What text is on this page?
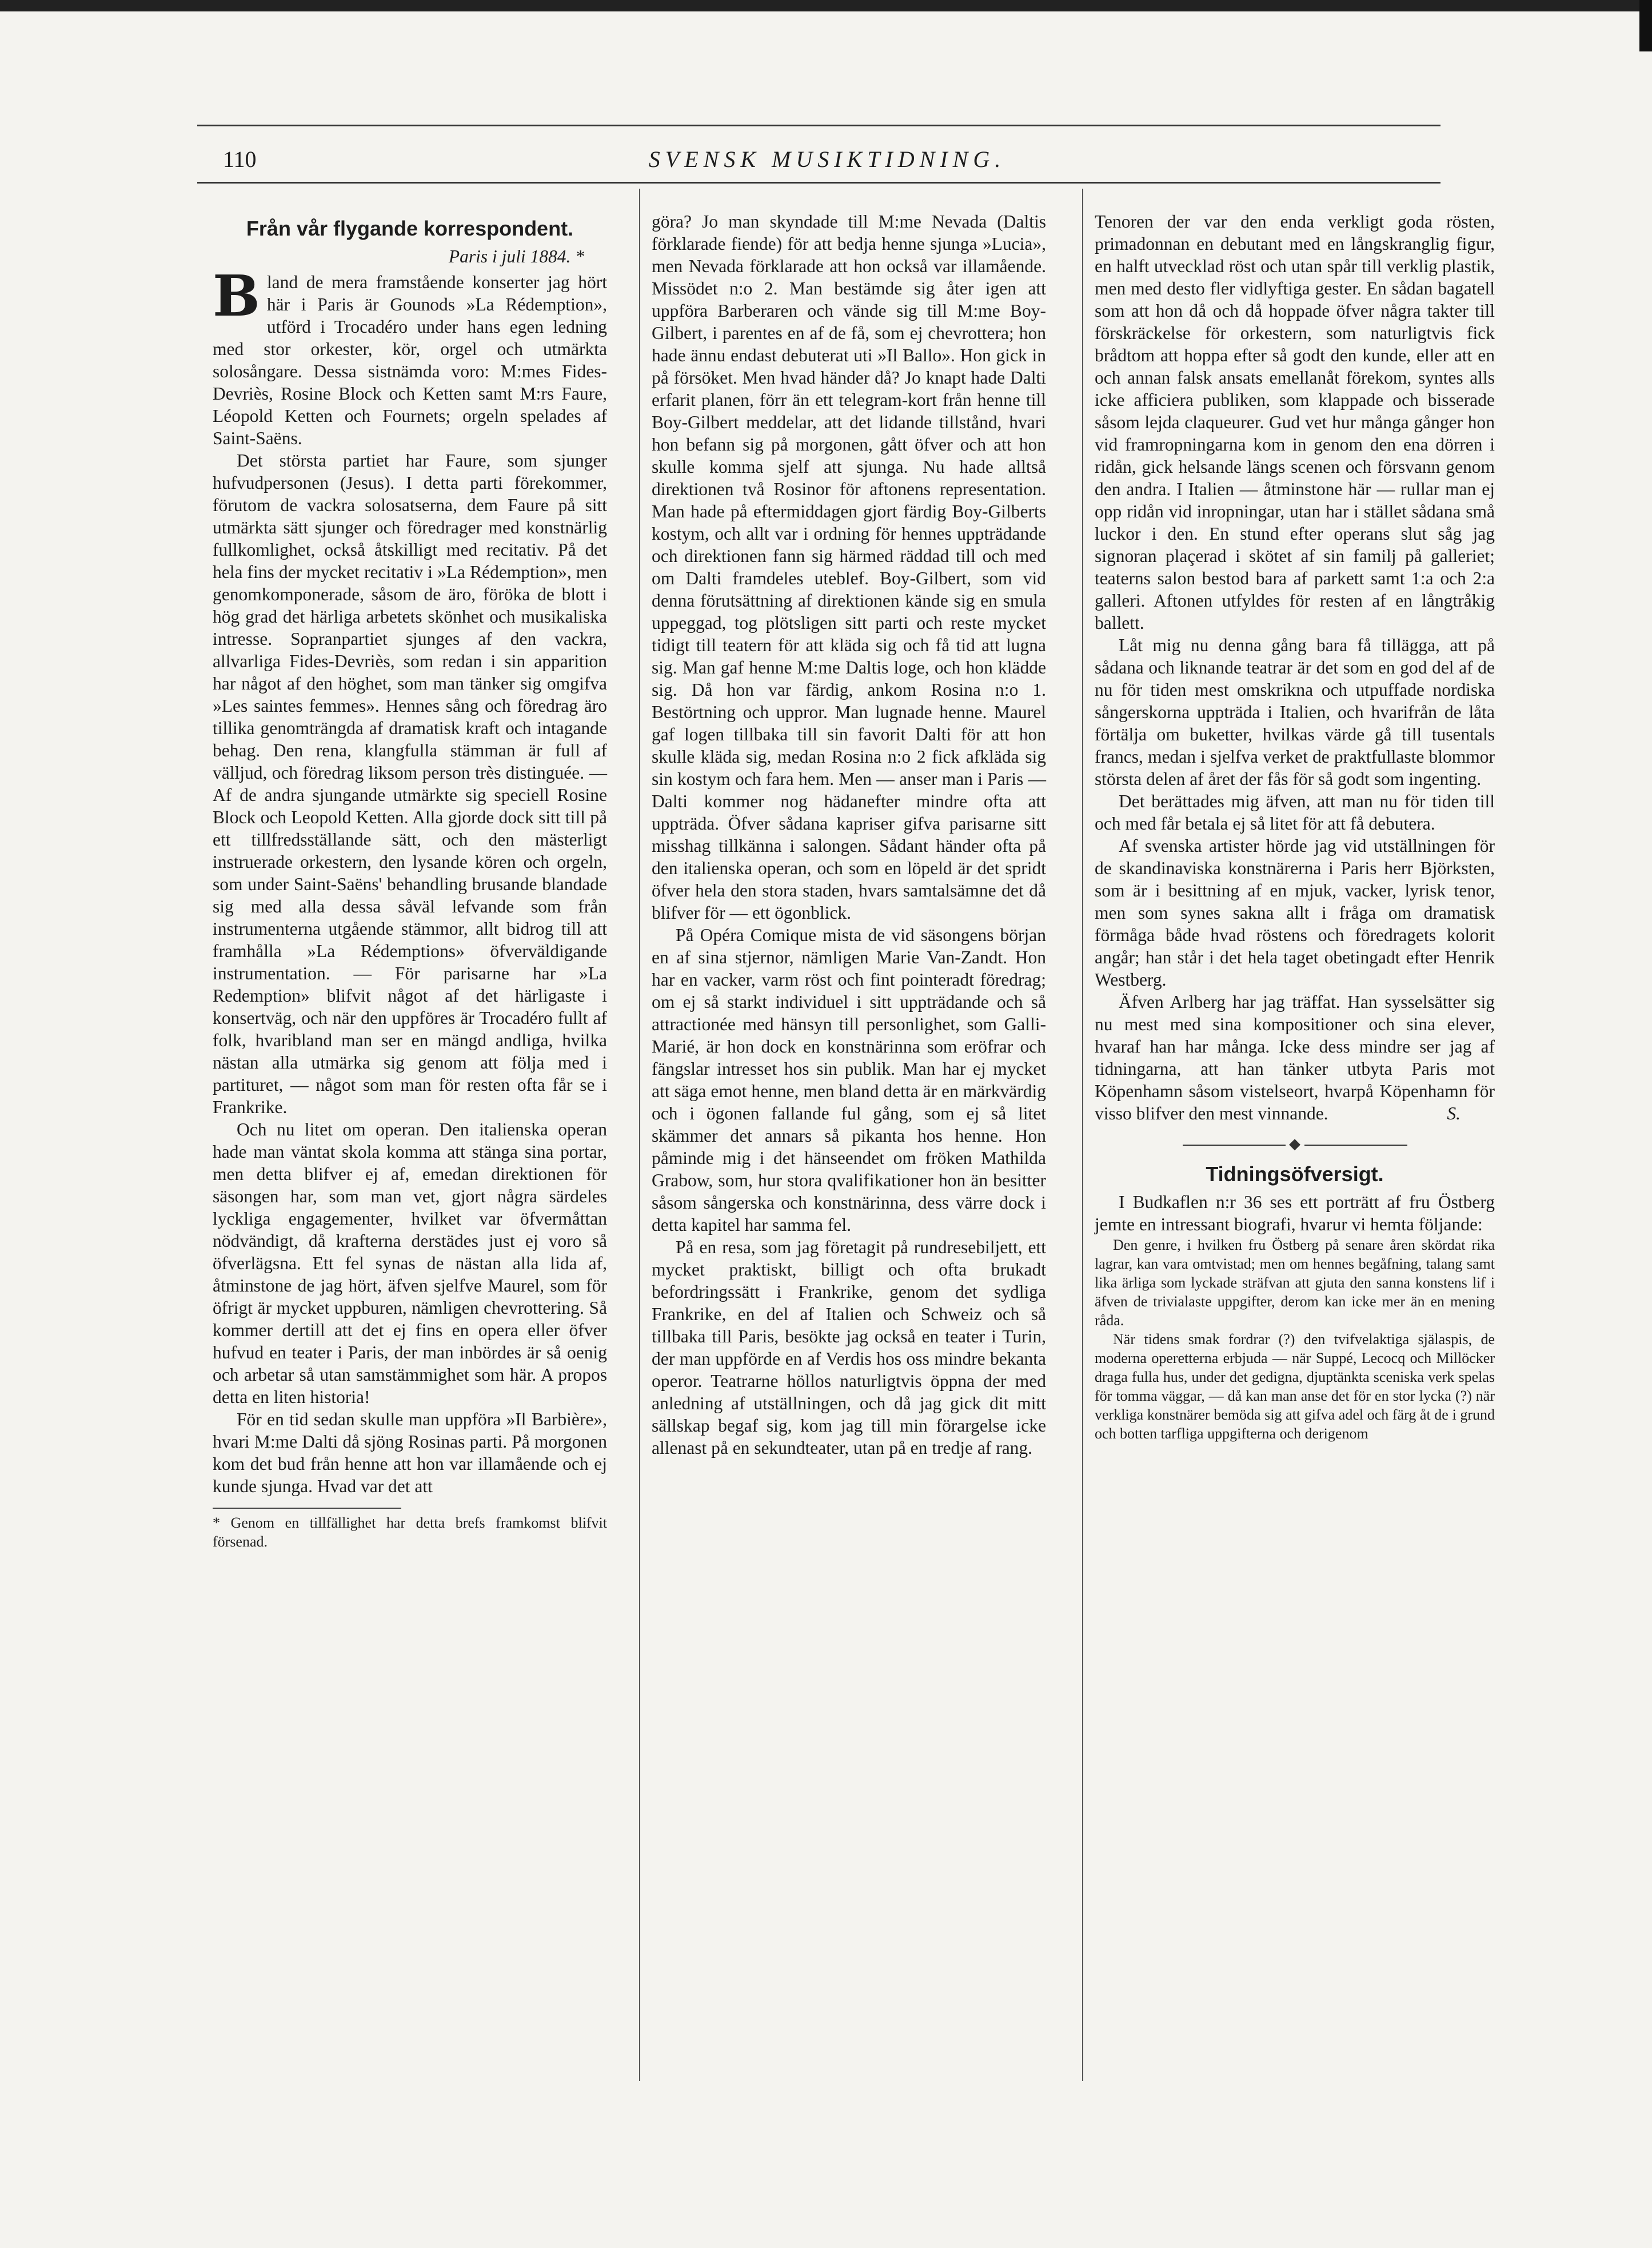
110	SVENSK MUSIKTIDNING.
Från vår flygande korrespondent.
Paris i juli 1884. *

Bland de mera framstående konserter jag hört här i Paris är Gounods »La Rédemption», utförd i Trocadéro under hans egen ledning med stor orkester, kör, orgel och utmärkta solosångare. Dessa sistnämda voro: M:mes Fides-Devriès, Rosine Block och Ketten samt M:rs Faure, Léopold Ketten och Fournets; orgeln spelades af Saint-Saëns.

Det största partiet har Faure, som sjunger hufvudpersonen (Jesus). I detta parti förekommer, förutom de vackra solosatserna, dem Faure på sitt utmärkta sätt sjunger och föredrager med konstnärlig fullkomlighet, också åtskilligt med recitativ. På det hela fins der mycket recitativ i »La Rédemption», men genomkomponerade, såsom de äro, förökа de blott i hög grad det härliga arbetets skönhet och musikaliska intresse. Sopranpartiet sjunges af den vackra, allvarliga Fides-Devriès, som redan i sin apparition har något af den höghet, som man tänker sig omgifva »Les saintes femmes». Hennes sång och föredrag äro tillika genomträngda af dramatisk kraft och intagande behag. Den rena, klangfulla stämman är full af välljud, och föredrag liksom person très distinguée. — Af de andra sjungande utmärkte sig speciell Rosine Block och Leopold Ketten. Alla gjorde dock sitt till på ett tillfredsställande sätt, och den mästerligt instruerade orkestern, den lysande kören och orgeln, som under Saint-Saëns' behandling brusande blandade sig med alla dessa såväl lefvande som från instrumenterna utgående stämmor, allt bidrog till att framhålla »La Rédemptions» öfverväldigande instrumentation. — För parisarne har »La Redemption» blifvit något af det härligaste i konsertväg, och när den uppföres är Trocadéro fullt af folk, hvaribland man ser en mängd andliga, hvilka nästan alla utmärka sig genom att följa med i partituret, — något som man för resten ofta får se i Frankrike.

Och nu litet om operan. Den italienska operan hade man väntat skola komma att stänga sina portar, men detta blifver ej af, emedan direktionen för säsongen har, som man vet, gjort några särdeles lyckliga engagementer, hvilket var öfvermåttan nödvändigt, då krafterna derstädes just ej voro så öfverlägsna. Ett fel synas de nästan alla lida af, åtminstone de jag hört, äfven sjelfve Maurel, som för öfrigt är mycket uppburen, nämligen chevrottering. Så kommer dertill att det ej fins en opera eller öfver hufvud en teater i Paris, der man inbördes är så oenig och arbetar så utan samstämmighet som här. A propos detta en liten historia!

För en tid sedan skulle man uppföra »Il Barbière», hvari M:me Dalti då sjöng Rosinas parti. På morgonen kom det bud från henne att hon var illamående och ej kunde sjunga. Hvad var det att

* Genom en tillfällighet har detta brefs framkomst blifvit försenad.

göra? Jo man skyndade till M:me Nevada (Daltis förklarade fiende) för att bedja henne sjunga »Lucia», men Nevada förklarade att hon också var illamående. Missödet n:o 2. Man bestämde sig åter igen att uppföra Barberaren och vände sig till M:me Boy-Gilbert, i parentes en af de få, som ej chevrottera; hon hade ännu endast debuterat uti »Il Ballo». Hon gick in på försöket. Men hvad händer då? Jo knapt hade Dalti erfarit planen, förr än ett telegram-kort från henne till Boy-Gilbert meddelar, att det lidande tillstånd, hvari hon befann sig på morgonen, gått öfver och att hon skulle komma sjelf att sjunga. Nu hade alltså direktionen två Rosinor för aftonens representation. Man hade på eftermiddagen gjort färdig Boy-Gilberts kostym, och allt var i ordning för hennes uppträdande och direktionen fann sig härmed räddad till och med om Dalti framdeles uteblef. Boy-Gilbert, som vid denna förutsättning af direktionen kände sig en smula uppeggad, tog plötsligen sitt parti och reste mycket tidigt till teatern för att kläda sig och få tid att lugna sig. Man gaf henne M:me Daltis loge, och hon klädde sig. Då hon var färdig, ankom Rosina n:o 1. Bestörtning och uppror. Man lugnade henne. Maurel gaf logen tillbaka till sin favorit Dalti för att hon skulle kläda sig, medan Rosina n:o 2 fick afkläda sig sin kostym och fara hem. Men — anser man i Paris — Dalti kommer nog hädanefter mindre ofta att uppträda. Öfver sådana kapriser gifva parisarne sitt misshag tillkänna i salongen. Sådant händer ofta på den italienska operan, och som en löpeld är det spridt öfver hela den stora staden, hvars samtalsämne det då blifver för — ett ögonblick.

På Opéra Comique mista de vid säsongens början en af sina stjernor, nämligen Marie Van-Zandt. Hon har en vacker, varm röst och fint pointeradt föredrag; om ej så starkt individuel i sitt uppträdande och så attractionée med hänsyn till personlighet, som Galli-Marié, är hon dock en konstnärinna som eröfrar och fängslar intresset hos sin publik. Man har ej mycket att säga emot henne, men bland detta är en märkvärdig och i ögonen fallande ful gång, som ej så litet skämmer det annars så pikanta hos henne. Hon påminde mig i det hänseendet om fröken Mathilda Grabow, som, hur stora qvalifikationer hon än besitter såsom sångerska och konstnärinna, dess värre dock i detta kapitel har samma fel.

På en resa, som jag företagit på rundresebiljett, ett mycket praktiskt, billigt och ofta brukadt befordringssätt i Frankrike, genom det sydliga Frankrike, en del af Italien och Schweiz och så tillbaka till Paris, besökte jag också en teater i Turin, der man uppförde en af Verdis hos oss mindre bekanta operor. Teatrarne höllos naturligtvis öppna der med anledning af utställningen, och då jag gick dit mitt sällskap begaf sig, kom jag till min förargelse icke allenast på en sekundteater, utan på en tredje af rang.

Tenoren der var den enda verkligt goda rösten, primadonnan en debutant med en långskranglig figur, en halft utvecklad röst och utan spår till verklig plastik, men med desto fler vidlyftiga gester. En sådan bagatell som att hon då och då hoppade öfver några takter till förskräckelse för orkestern, som naturligtvis fick brådtom att hoppa efter så godt den kunde, eller att en och annan falsk ansats emellanåt förekom, syntes alls icke afficiera publiken, som klappade och bisserade såsom lejda claqueurer. Gud vet hur många gånger hon vid framropningarna kom in genom den ena dörren i ridån, gick helsande längs scenen och försvann genom den andra. I Italien — åtminstone här — rullar man ej opp ridån vid inropningar, utan har i stället sådana små luckor i den. En stund efter operans slut såg jag signoran plaçerad i skötet af sin familj på galleriet; teaterns salon bestod bara af parkett samt 1:a och 2:a galleri. Aftonen utfyldes för resten af en långtråkig ballett.

Låt mig nu denna gång bara få tillägga, att på sådana och liknande teatrar är det som en god del af de nu för tiden mest omskrikna och utpuffade nordiska sångerskorna uppträda i Italien, och hvarifrån de låta förtälja om buketter, hvilkas värde gå till tusentals francs, medan i sjelfva verket de praktfullaste blommor största delen af året der fås för så godt som ingenting.

Det berättades mig äfven, att man nu för tiden till och med får betala ej så litet för att få debutera.

Af svenska artister hörde jag vid utställningen för de skandinaviska konstnärerna i Paris herr Björksten, som är i besittning af en mjuk, vacker, lyrisk tenor, men som synes sakna allt i fråga om dramatisk förmåga både hvad röstens och föredragets kolorit angår; han står i det hela taget obetingadt efter Henrik Westberg.

Äfven Arlberg har jag träffat. Han sysselsätter sig nu mest med sina kompositioner och sina elever, hvaraf han har många. Icke dess mindre ser jag af tidningarna, att han tänker utbyta Paris mot Köpenhamn såsom vistelseort, hvarpå Köpenhamn för visso blifver den mest vinnande.	S.
◆
Tidningsöfversigt.

I Budkaflen n:r 36 ses ett porträtt af fru Östberg jemte en intressant biografi, hvarur vi hemta följande:

Den genre, i hvilken fru Östberg på senare åren skördat rika lagrar, kan vara omtvistad; men om hennes begåfning, talang samt lika ärliga som lyckade sträfvan att gjuta den sanna konstens lif i äfven de trivialaste uppgifter, derom kan icke mer än en mening råda.

När tidens smak fordrar (?) den tvifvelaktiga själaspis, de moderna operetterna erbjuda — när Suppé, Lecocq och Millöcker draga fulla hus, under det gedigna, djuptänkta sceniska verk spelas för tomma väggar, — då kan man anse det för en stor lycka (?) när verkliga konstnärer bemöda sig att gifva adel och färg åt de i grund och botten tarfliga uppgifterna och derigenom
